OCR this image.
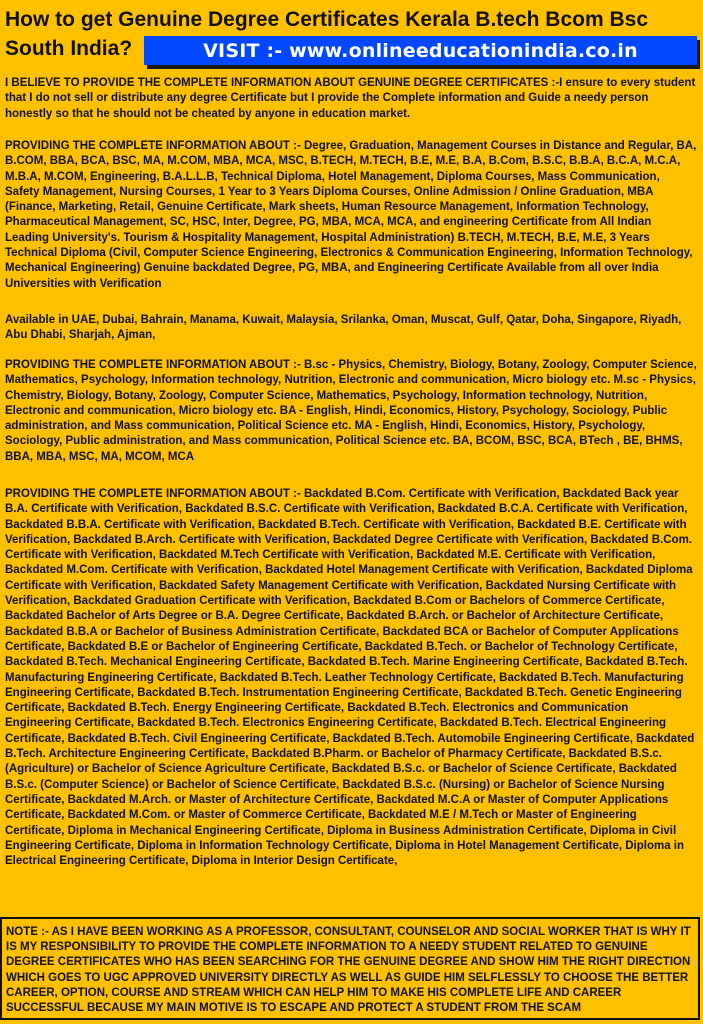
How to get Genuine Degree Certificates Kerala B.tech Bcom Bsc
South India?	VISIT :- www.onlineeducationindia.co.in

I BELIEVE TO PROVIDE THE COMPLETE INFORMATION ABOUT GENUINE DEGREE CERTIFICATES :-I ensure to every student that I do not sell or distribute any degree Certificate but I provide the Complete information and Guide a needy person honestly so that he should not be cheated by anyone in education market.

PROVIDING THE COMPLETE INFORMATION ABOUT :- Degree, Graduation, Management Courses in Distance and Regular, BA, B.COM, BBA, BCA, BSC, MA, M.COM, MBA, MCA, MSC, B.TECH, M.TECH, B.E, M.E, B.A, B.Com, B.S.C, B.B.A, B.C.A, M.C.A, M.B.A, M.COM, Engineering, B.A.L.L.B, Technical Diploma, Hotel Management, Diploma Courses, Mass Communication, Safety Management, Nursing Courses, 1 Year to 3 Years Diploma Courses, Online Admission / Online Graduation, MBA (Finance, Marketing, Retail, Genuine Certificate, Mark sheets, Human Resource Management, Information Technology, Pharmaceutical Management, SC, HSC, Inter, Degree, PG, MBA, MCA, MCA, and engineering Certificate from All Indian Leading University's. Tourism & Hospitality Management, Hospital Administration) B.TECH, M.TECH, B.E, M.E, 3 Years Technical Diploma (Civil, Computer Science Engineering, Electronics & Communication Engineering, Information Technology, Mechanical Engineering) Genuine backdated Degree, PG, MBA, and Engineering Certificate Available from all over India Universities with Verification

Available in UAE, Dubai, Bahrain, Manama, Kuwait, Malaysia, Srilanka, Oman, Muscat, Gulf, Qatar, Doha, Singapore, Riyadh, Abu Dhabi, Sharjah, Ajman,

PROVIDING THE COMPLETE INFORMATION ABOUT :- B.sc - Physics, Chemistry, Biology, Botany, Zoology, Computer Science, Mathematics, Psychology, Information technology, Nutrition, Electronic and communication, Micro biology etc. M.sc - Physics, Chemistry, Biology, Botany, Zoology, Computer Science, Mathematics, Psychology, Information technology, Nutrition, Electronic and communication, Micro biology etc. BA - English, Hindi, Economics, History, Psychology, Sociology, Public administration, and Mass communication, Political Science etc. MA - English, Hindi, Economics, History, Psychology, Sociology, Public administration, and Mass communication, Political Science etc. BA, BCOM, BSC, BCA, BTech , BE, BHMS, BBA, MBA, MSC, MA, MCOM, MCA

PROVIDING THE COMPLETE INFORMATION ABOUT :- Backdated B.Com. Certificate with Verification, Backdated Back year B.A. Certificate with Verification, Backdated B.S.C. Certificate with Verification, Backdated B.C.A. Certificate with Verification, Backdated B.B.A. Certificate with Verification, Backdated B.Tech. Certificate with Verification, Backdated B.E. Certificate with Verification, Backdated B.Arch. Certificate with Verification, Backdated Degree Certificate with Verification, Backdated B.Com. Certificate with Verification, Backdated M.Tech Certificate with Verification, Backdated M.E. Certificate with Verification, Backdated M.Com. Certificate with Verification, Backdated Hotel Management Certificate with Verification, Backdated Diploma Certificate with Verification, Backdated Safety Management Certificate with Verification, Backdated Nursing Certificate with Verification, Backdated Graduation Certificate with Verification, Backdated B.Com or Bachelors of Commerce Certificate, Backdated Bachelor of Arts Degree or B.A. Degree Certificate, Backdated B.Arch. or Bachelor of Architecture Certificate, Backdated B.B.A or Bachelor of Business Administration Certificate, Backdated BCA or Bachelor of Computer Applications Certificate, Backdated B.E or Bachelor of Engineering Certificate, Backdated B.Tech. or Bachelor of Technology Certificate, Backdated B.Tech. Mechanical Engineering Certificate, Backdated B.Tech. Marine Engineering Certificate, Backdated B.Tech. Manufacturing Engineering Certificate, Backdated B.Tech. Leather Technology Certificate, Backdated B.Tech. Manufacturing Engineering Certificate, Backdated B.Tech. Instrumentation Engineering Certificate, Backdated B.Tech. Genetic Engineering Certificate, Backdated B.Tech. Energy Engineering Certificate, Backdated B.Tech. Electronics and Communication Engineering Certificate, Backdated B.Tech. Electronics Engineering Certificate, Backdated B.Tech. Electrical Engineering Certificate, Backdated B.Tech. Civil Engineering Certificate, Backdated B.Tech. Automobile Engineering Certificate, Backdated B.Tech. Architecture Engineering Certificate, Backdated B.Pharm. or Bachelor of Pharmacy Certificate, Backdated B.S.c. (Agriculture) or Bachelor of Science Agriculture Certificate, Backdated B.S.c. or Bachelor of Science Certificate, Backdated B.S.c. (Computer Science) or Bachelor of Science Certificate, Backdated B.S.c. (Nursing) or Bachelor of Science Nursing Certificate, Backdated M.Arch. or Master of Architecture Certificate, Backdated M.C.A or Master of Computer Applications Certificate, Backdated M.Com. or Master of Commerce Certificate, Backdated M.E / M.Tech or Master of Engineering Certificate, Diploma in Mechanical Engineering Certificate, Diploma in Business Administration Certificate, Diploma in Civil Engineering Certificate, Diploma in Information Technology Certificate, Diploma in Hotel Management Certificate, Diploma in Electrical Engineering Certificate, Diploma in Interior Design Certificate,

NOTE :- AS I HAVE BEEN WORKING AS A PROFESSOR, CONSULTANT, COUNSELOR AND SOCIAL WORKER THAT IS WHY IT IS MY RESPONSIBILITY TO PROVIDE THE COMPLETE INFORMATION TO A NEEDY STUDENT RELATED TO GENUINE DEGREE CERTIFICATES WHO HAS BEEN SEARCHING FOR THE GENUINE DEGREE AND SHOW HIM THE RIGHT DIRECTION WHICH GOES TO UGC APPROVED UNIVERSITY DIRECTLY AS WELL AS GUIDE HIM SELFLESSLY TO CHOOSE THE BETTER CAREER, OPTION, COURSE AND STREAM WHICH CAN HELP HIM TO MAKE HIS COMPLETE LIFE AND CAREER SUCCESSFUL BECAUSE MY MAIN MOTIVE IS TO ESCAPE AND PROTECT A STUDENT FROM THE SCAM
